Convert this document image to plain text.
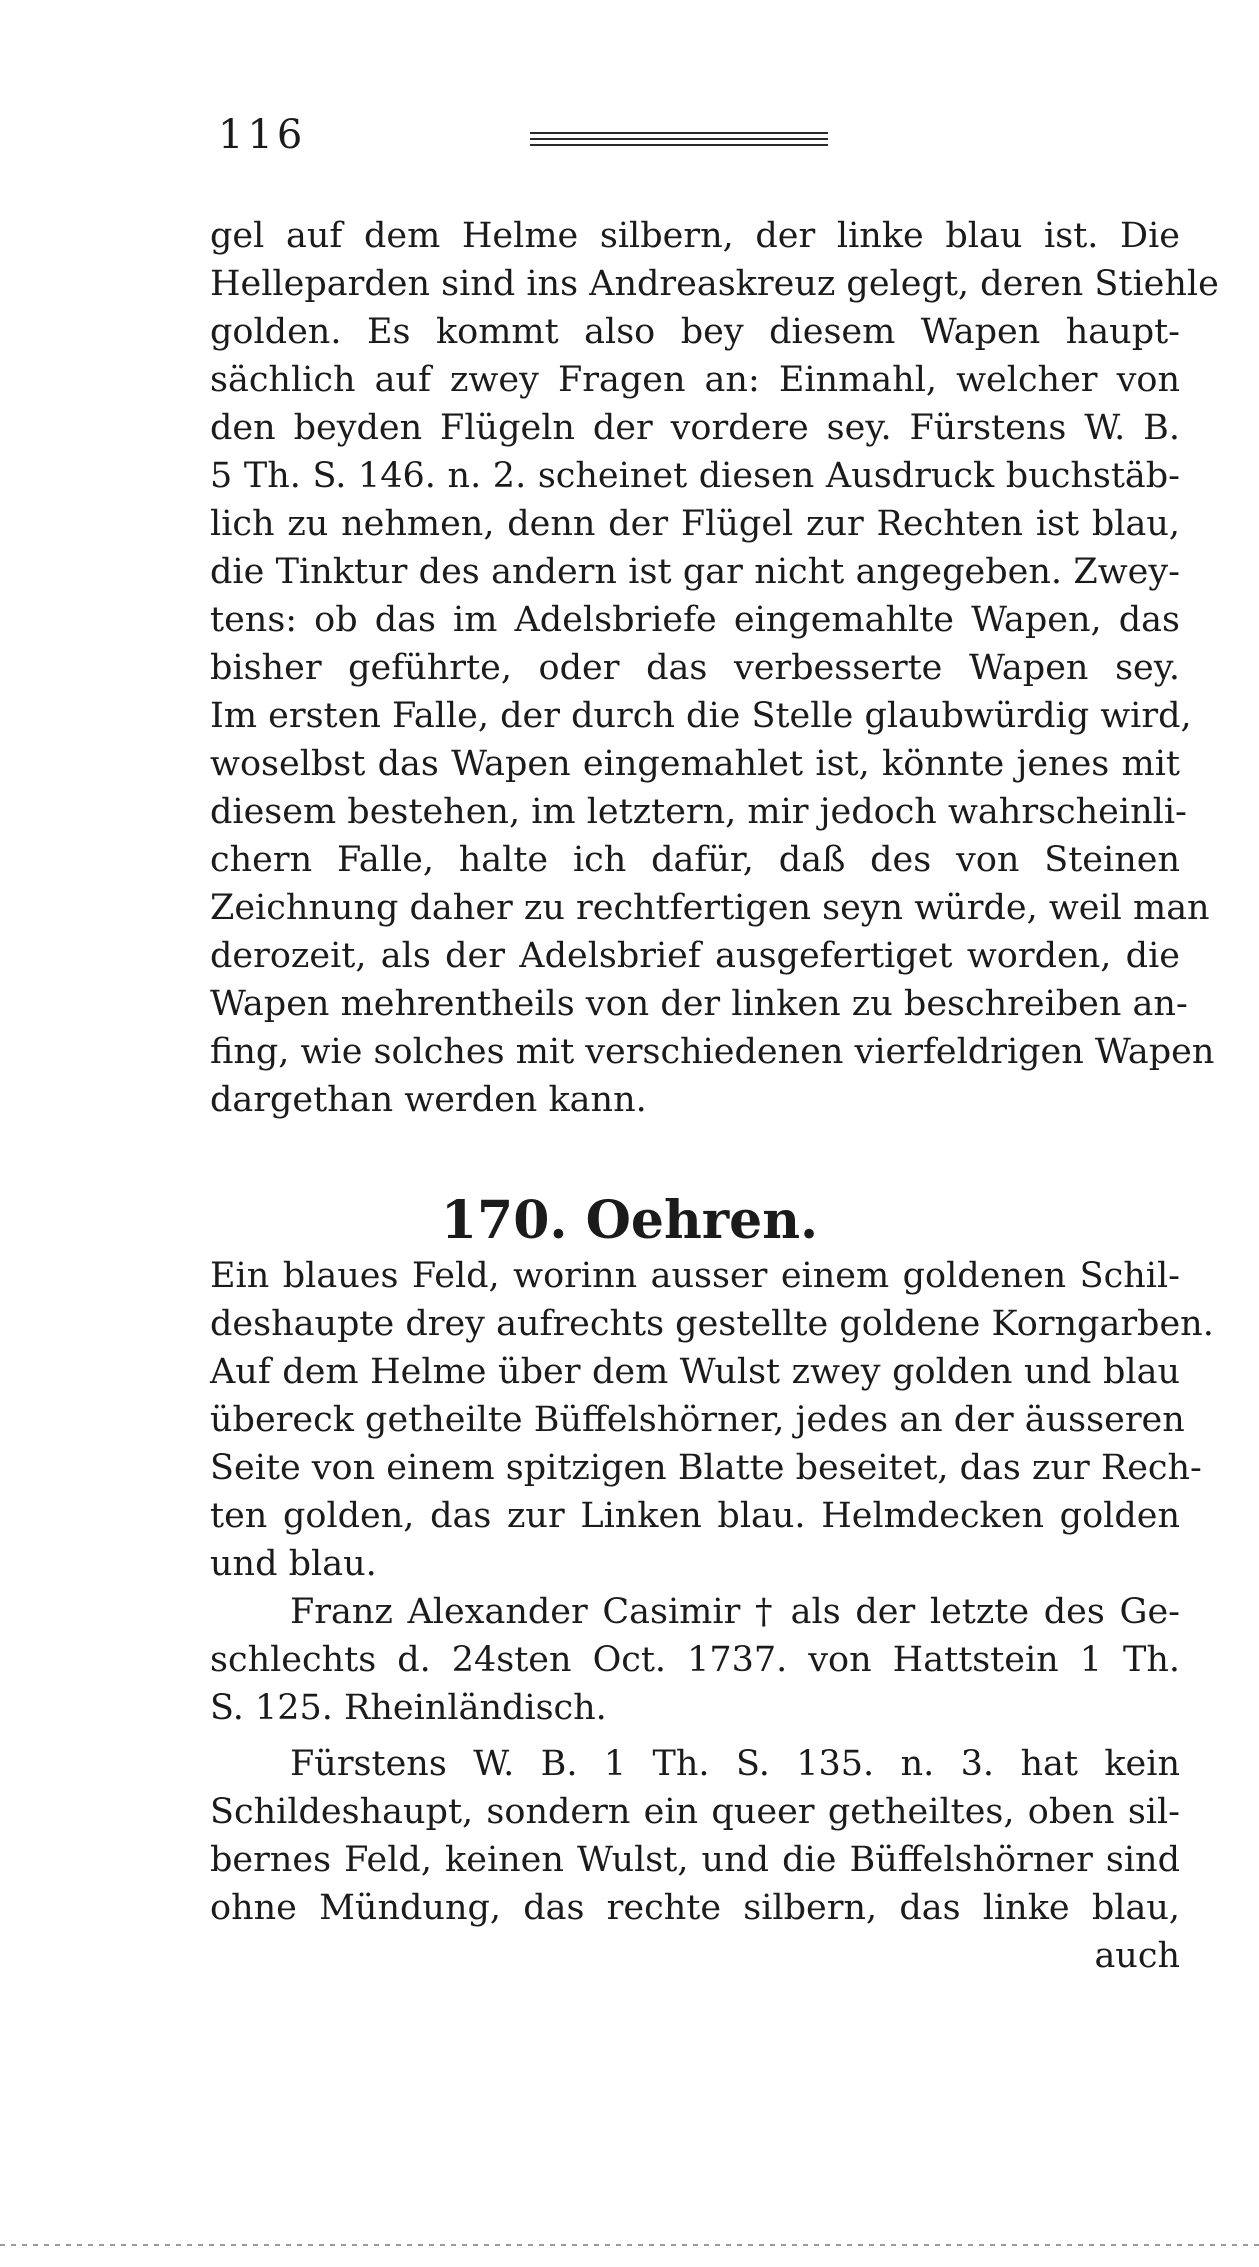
116
gel auf dem Helme silbern, der linke blau ist. Die
Helleparden sind ins Andreaskreuz gelegt, deren Stiehle
golden. Es kommt also bey diesem Wapen haupt-
sächlich auf zwey Fragen an: Einmahl, welcher von
den beyden Flügeln der vordere sey. Fürstens W. B.
5 Th. S. 146. n. 2. scheinet diesen Ausdruck buchstäb-
lich zu nehmen, denn der Flügel zur Rechten ist blau,
die Tinktur des andern ist gar nicht angegeben. Zwey-
tens: ob das im Adelsbriefe eingemahlte Wapen, das
bisher geführte, oder das verbesserte Wapen sey.
Im ersten Falle, der durch die Stelle glaubwürdig wird,
woselbst das Wapen eingemahlet ist, könnte jenes mit
diesem bestehen, im letztern, mir jedoch wahrscheinli-
chern Falle, halte ich dafür, daß des von Steinen
Zeichnung daher zu rechtfertigen seyn würde, weil man
derozeit, als der Adelsbrief ausgefertiget worden, die
Wapen mehrentheils von der linken zu beschreiben an-
fing, wie solches mit verschiedenen vierfeldrigen Wapen
dargethan werden kann.
170. Oehren.
Ein blaues Feld, worinn ausser einem goldenen Schil-
deshaupte drey aufrechts gestellte goldene Korngarben.
Auf dem Helme über dem Wulst zwey golden und blau
übereck getheilte Büffelshörner, jedes an der äusseren
Seite von einem spitzigen Blatte beseitet, das zur Rech-
ten golden, das zur Linken blau. Helmdecken golden
und blau.
Franz Alexander Casimir † als der letzte des Ge-
schlechts d. 24sten Oct. 1737. von Hattstein 1 Th.
S. 125. Rheinländisch.
Fürstens W. B. 1 Th. S. 135. n. 3. hat kein
Schildeshaupt, sondern ein queer getheiltes, oben sil-
bernes Feld, keinen Wulst, und die Büffelshörner sind
ohne Mündung, das rechte silbern, das linke blau,
auch
